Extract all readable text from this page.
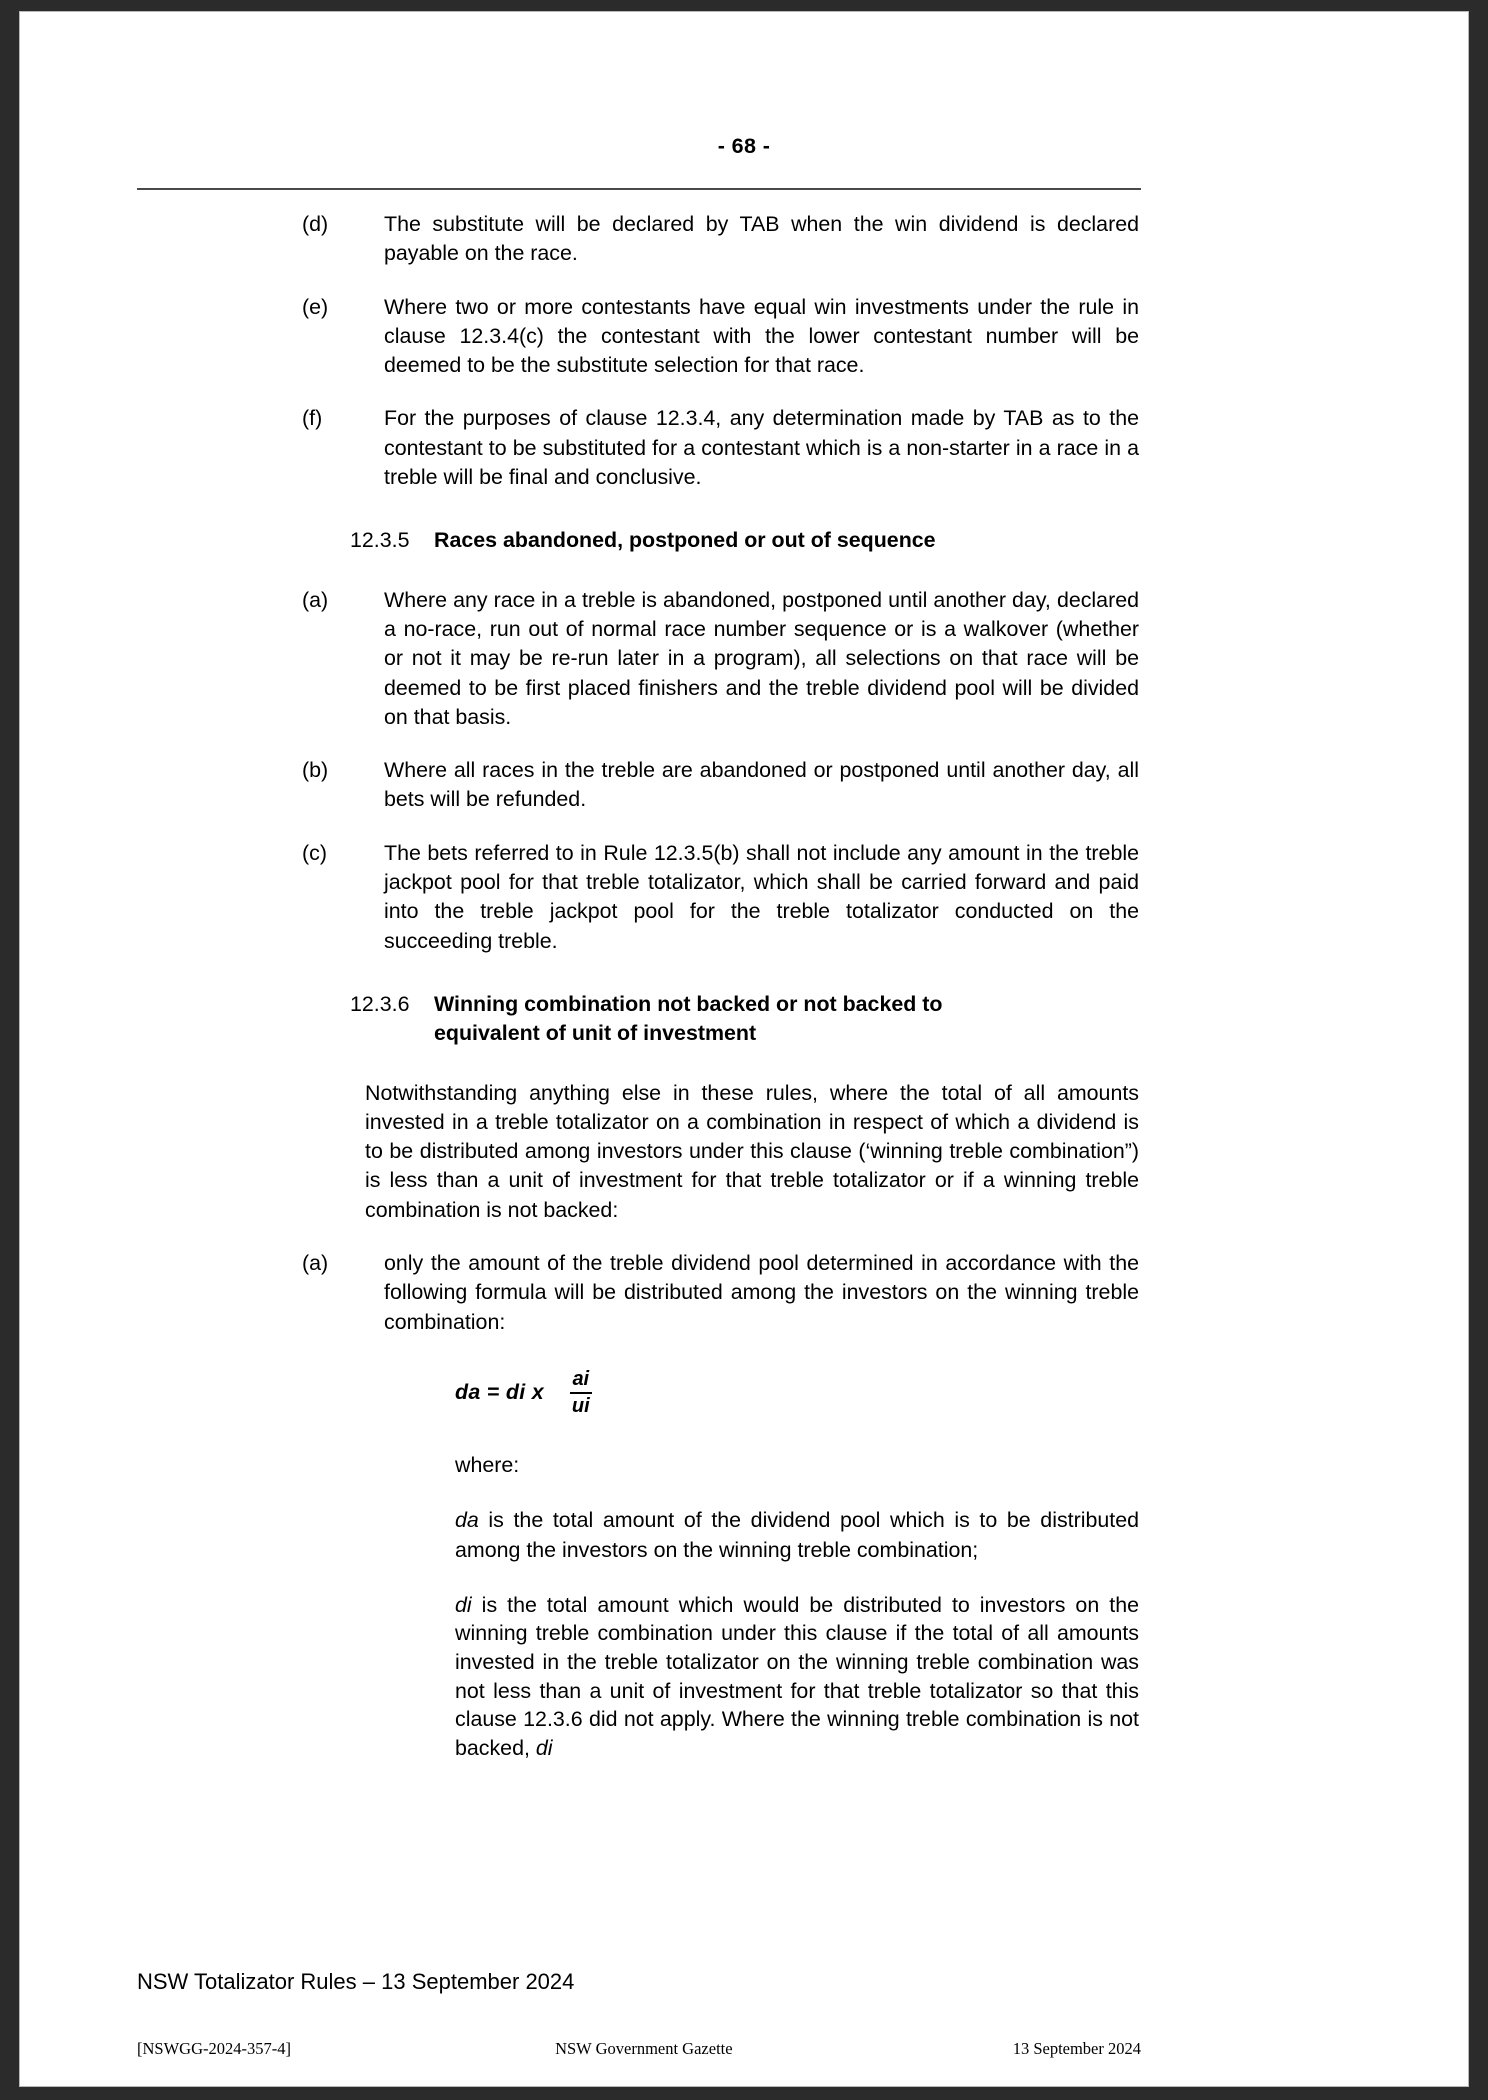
- 68 -
(d)	The substitute will be declared by TAB when the win dividend is declared payable on the race.
(e)	Where two or more contestants have equal win investments under the rule in clause 12.3.4(c) the contestant with the lower contestant number will be deemed to be the substitute selection for that race.
(f)	For the purposes of clause 12.3.4, any determination made by TAB as to the contestant to be substituted for a contestant which is a non-starter in a race in a treble will be final and conclusive.
12.3.5	Races abandoned, postponed or out of sequence
(a)	Where any race in a treble is abandoned, postponed until another day, declared a no-race, run out of normal race number sequence or is a walkover (whether or not it may be re-run later in a program), all selections on that race will be deemed to be first placed finishers and the treble dividend pool will be divided on that basis.
(b)	Where all races in the treble are abandoned or postponed until another day, all bets will be refunded.
(c)	The bets referred to in Rule 12.3.5(b) shall not include any amount in the treble jackpot pool for that treble totalizator, which shall be carried forward and paid into the treble jackpot pool for the treble totalizator conducted on the succeeding treble.
12.3.6	Winning combination not backed or not backed to
equivalent of unit of investment
Notwithstanding anything else in these rules, where the total of all amounts invested in a treble totalizator on a combination in respect of which a dividend is to be distributed among investors under this clause (‘winning treble combination”) is less than a unit of investment for that treble totalizator or if a winning treble combination is not backed:
(a)	only the amount of the treble dividend pool determined in accordance with the following formula will be distributed among the investors on the winning treble combination:
da = di x $\frac{ai}{ui}$
where:
da is the total amount of the dividend pool which is to be distributed among the investors on the winning treble combination;
di is the total amount which would be distributed to investors on the winning treble combination under this clause if the total of all amounts invested in the treble totalizator on the winning treble combination was not less than a unit of investment for that treble totalizator so that this clause 12.3.6 did not apply. Where the winning treble combination is not backed, di
NSW Totalizator Rules – 13 September 2024
[NSWGG-2024-357-4]	NSW Government Gazette	13 September 2024
